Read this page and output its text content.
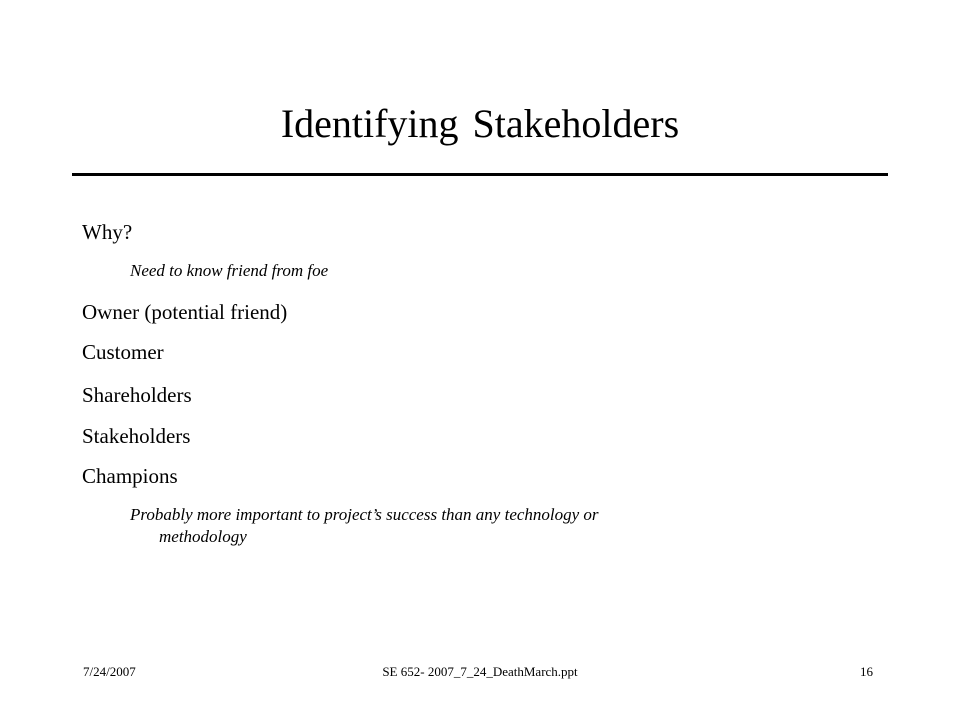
Identifying Stakeholders
Why?
Need to know friend from foe
Owner (potential friend)
Customer
Shareholders
Stakeholders
Champions
Probably more important to project’s success than any technology or
methodology
7/24/2007	SE 652- 2007_7_24_DeathMarch.ppt	16
